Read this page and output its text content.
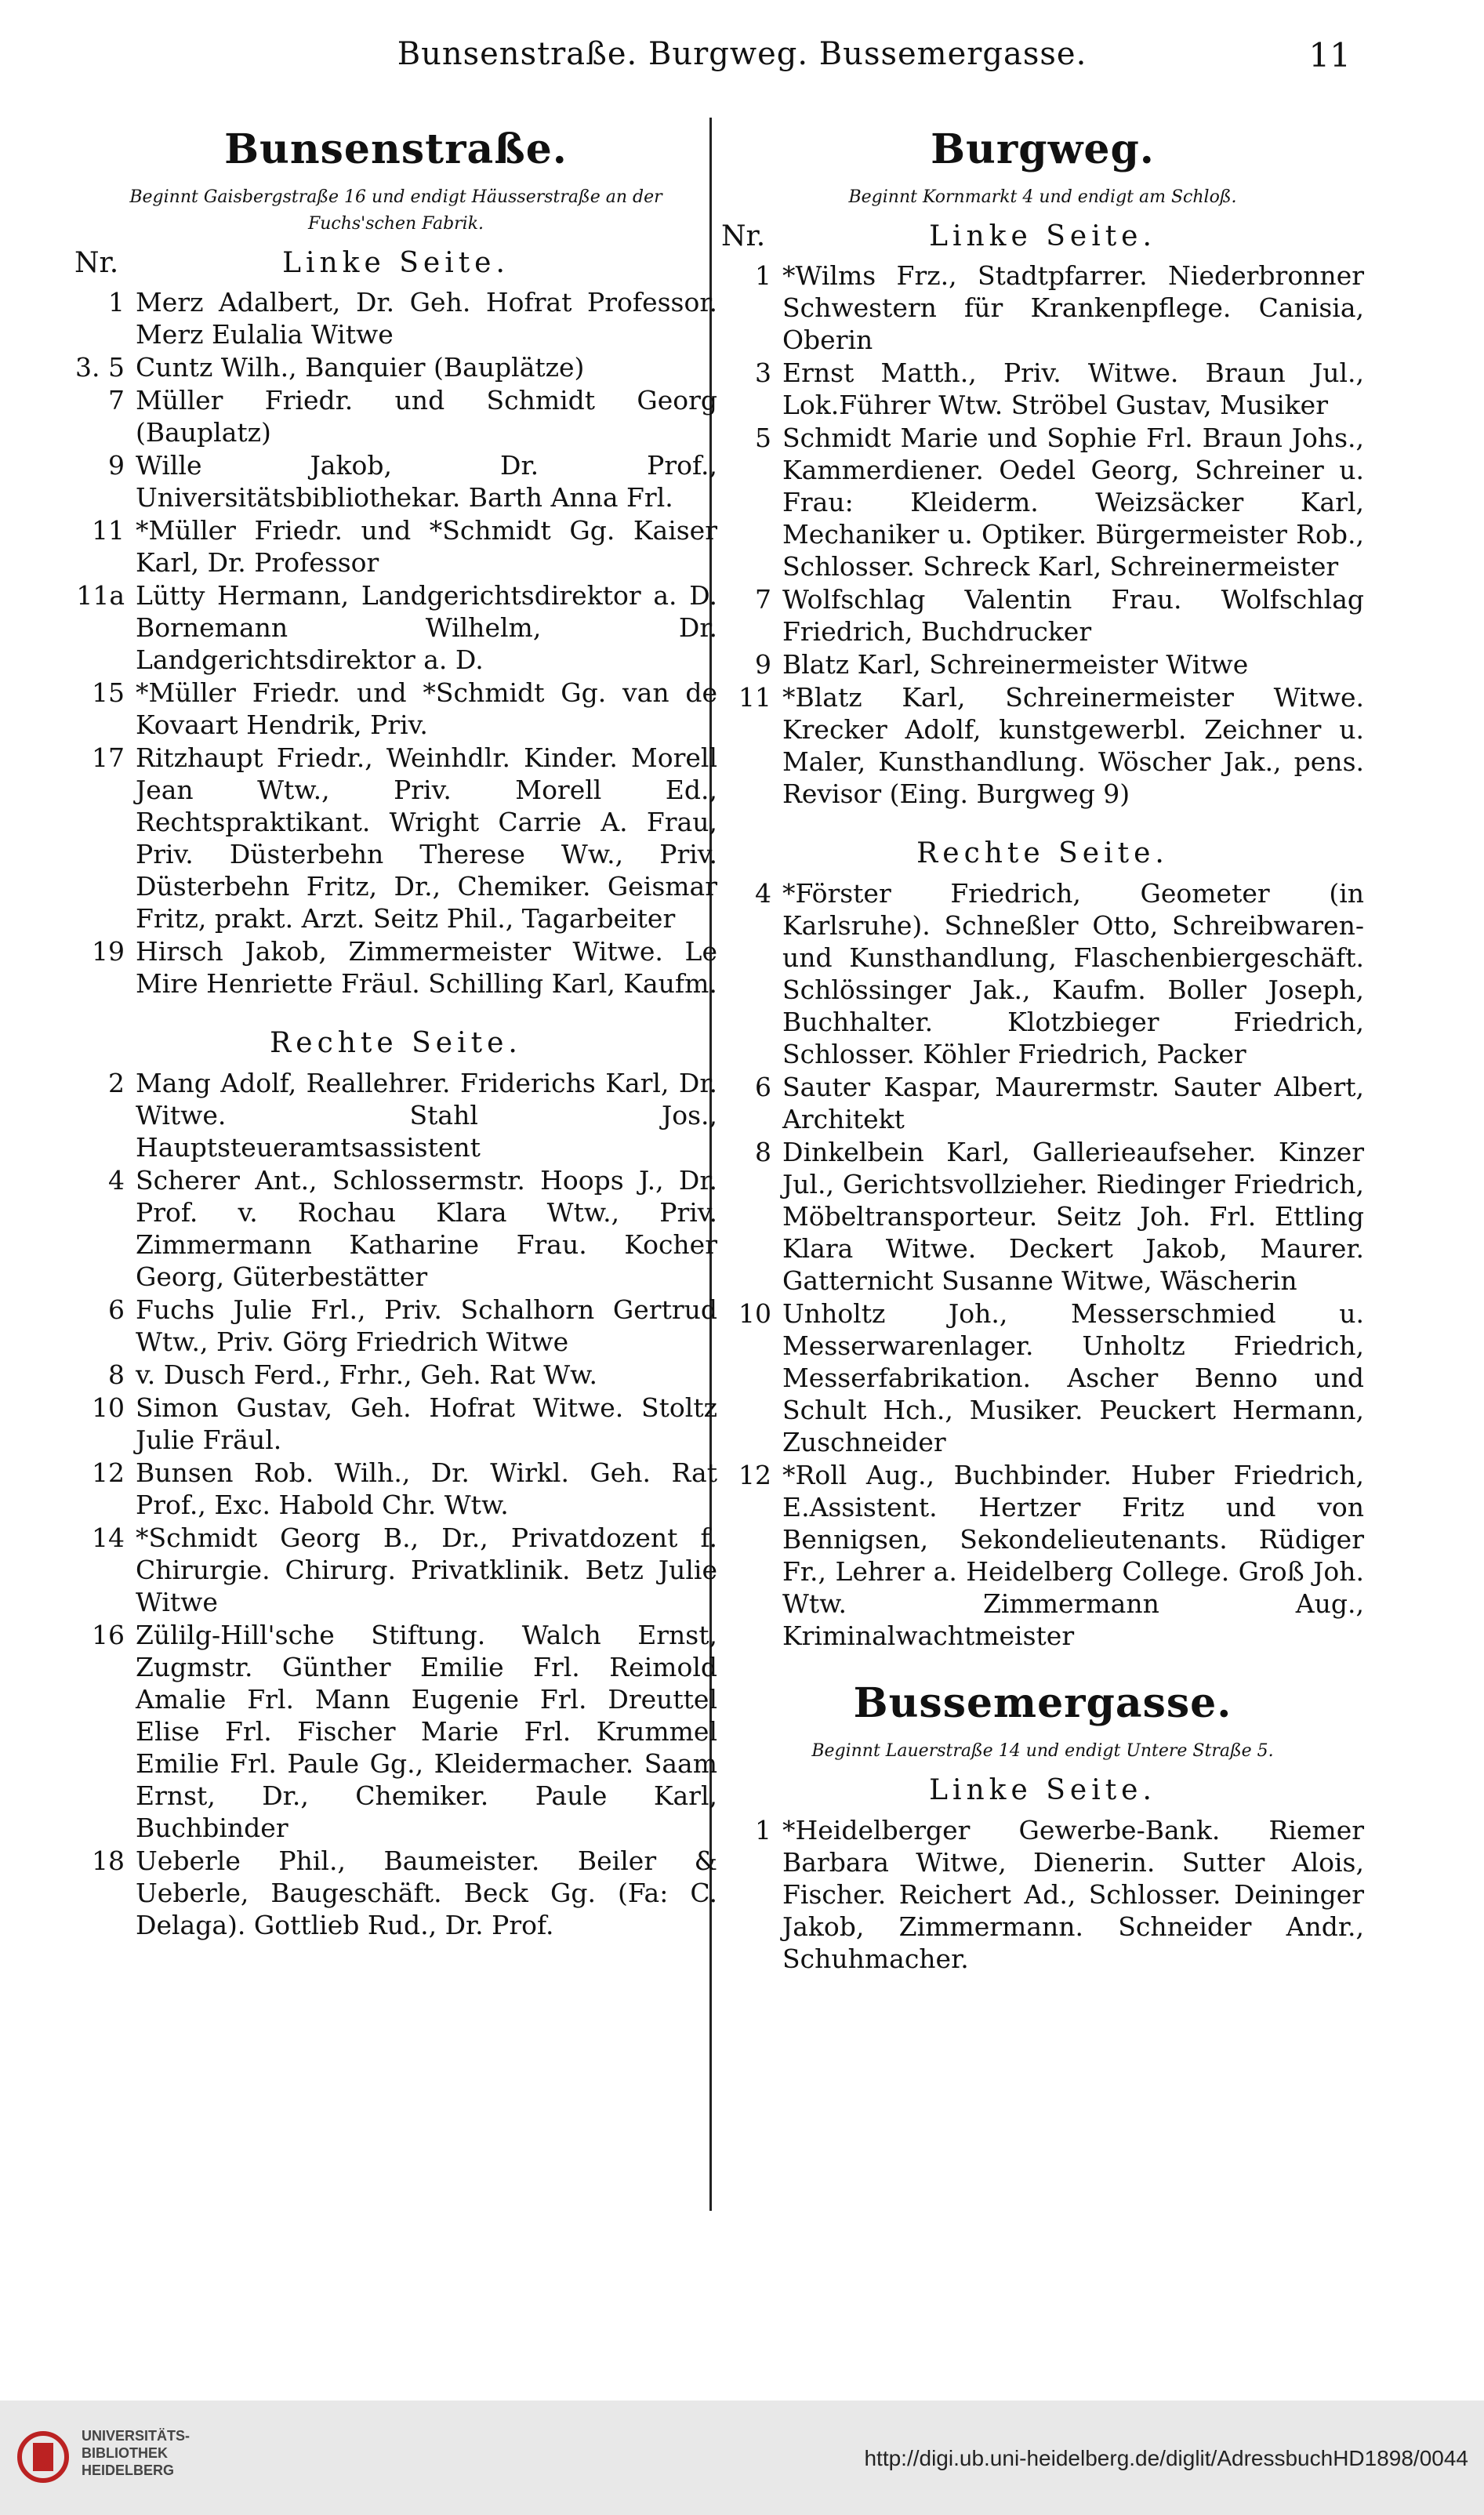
Bunsenstraße. Burgweg. Bussemergasse.	11
Bunsenstraße.
Beginnt Gaisbergstraße 16 und endigt Häusserstraße an der Fuchs'schen Fabrik.
Linke Seite.
Nr.
1 Merz Adalbert, Dr. Geh. Hofrat Professor. Merz Eulalia Witwe
3. 5 Cuntz Wilh., Banquier (Bauplätze)
7 Müller Friedr. und Schmidt Georg (Bauplatz)
9 Wille Jakob, Dr. Prof., Universitätsbibliothekar. Barth Anna Frl.
11 *Müller Friedr. und *Schmidt Gg. Kaiser Karl, Dr. Professor
11a Lütty Hermann, Landgerichtsdirektor a. D. Bornemann Wilhelm, Dr. Landgerichtsdirektor a. D.
15 *Müller Friedr. und *Schmidt Gg. van de Kovaart Hendrik, Priv.
17 Ritzhaupt Friedr., Weinhdlr. Kinder. Morell Jean Wtw., Priv. Morell Ed., Rechtspraktikant. Wright Carrie A. Frau, Priv. Düsterbehn Therese Ww., Priv. Düsterbehn Fritz, Dr., Chemiker. Geismar Fritz, prakt. Arzt. Seitz Phil., Tagarbeiter
19 Hirsch Jakob, Zimmermeister Witwe. Le Mire Henriette Fräul. Schilling Karl, Kaufm.
Rechte Seite.
2 Mang Adolf, Reallehrer. Friderichs Karl, Dr. Witwe. Stahl Jos., Hauptsteueramtsassistent
4 Scherer Ant., Schlossermstr. Hoops J., Dr. Prof. v. Rochau Klara Wtw., Priv. Zimmermann Katharine Frau. Kocher Georg, Güterbestätter
6 Fuchs Julie Frl., Priv. Schalhorn Gertrud Wtw., Priv. Görg Friedrich Witwe
8 v. Dusch Ferd., Frhr., Geh. Rat Ww.
10 Simon Gustav, Geh. Hofrat Witwe. Stoltz Julie Fräul.
12 Bunsen Rob. Wilh., Dr. Wirkl. Geh. Rat Prof., Exc. Habold Chr. Wtw.
14 *Schmidt Georg B., Dr., Privatdozent f. Chirurgie. Chirurg. Privatklinik. Betz Julie Witwe
16 Zülilg-Hill'sche Stiftung. Walch Ernst, Zugmstr. Günther Emilie Frl. Reimold Amalie Frl. Mann Eugenie Frl. Dreuttel Elise Frl. Fischer Marie Frl. Krummel Emilie Frl. Paule Gg., Kleidermacher. Saam Ernst, Dr., Chemiker. Paule Karl, Buchbinder
18 Ueberle Phil., Baumeister. Beiler & Ueberle, Baugeschäft. Beck Gg. (Fa: C. Delaga). Gottlieb Rud., Dr. Prof.
Burgweg.
Beginnt Kornmarkt 4 und endigt am Schloß.
Linke Seite.
Nr.
1 *Wilms Frz., Stadtpfarrer. Niederbronner Schwestern für Krankenpflege. Canisia, Oberin
3 Ernst Matth., Priv. Witwe. Braun Jul., Lok.Führer Wtw. Ströbel Gustav, Musiker
5 Schmidt Marie und Sophie Frl. Braun Johs., Kammerdiener. Oedel Georg, Schreiner u. Frau: Kleiderm. Weizsäcker Karl, Mechaniker u. Optiker. Bürgermeister Rob., Schlosser. Schreck Karl, Schreinermeister
7 Wolfschlag Valentin Frau. Wolfschlag Friedrich, Buchdrucker
9 Blatz Karl, Schreinermeister Witwe
11 *Blatz Karl, Schreinermeister Witwe. Krecker Adolf, kunstgewerbl. Zeichner u. Maler, Kunsthandlung. Wöscher Jak., pens. Revisor (Eing. Burgweg 9)
Rechte Seite.
4 *Förster Friedrich, Geometer (in Karlsruhe). Schneßler Otto, Schreibwaren- und Kunsthandlung, Flaschenbiergeschäft. Schlössinger Jak., Kaufm. Boller Joseph, Buchhalter. Klotzbieger Friedrich, Schlosser. Köhler Friedrich, Packer
6 Sauter Kaspar, Maurermstr. Sauter Albert, Architekt
8 Dinkelbein Karl, Gallerieaufseher. Kinzer Jul., Gerichtsvollzieher. Riedinger Friedrich, Möbeltransporteur. Seitz Joh. Frl. Ettling Klara Witwe. Deckert Jakob, Maurer. Gatternicht Susanne Witwe, Wäscherin
10 Unholtz Joh., Messerschmied u. Messerwarenlager. Unholtz Friedrich, Messerfabrikation. Ascher Benno und Schult Hch., Musiker. Peuckert Hermann, Zuschneider
12 *Roll Aug., Buchbinder. Huber Friedrich, E.Assistent. Hertzer Fritz und von Bennigsen, Sekondelieutenants. Rüdiger Fr., Lehrer a. Heidelberg College. Groß Joh. Wtw. Zimmermann Aug., Kriminalwachtmeister
Bussemergasse.
Beginnt Lauerstraße 14 und endigt Untere Straße 5.
Linke Seite.
1 *Heidelberger Gewerbe-Bank. Riemer Barbara Witwe, Dienerin. Sutter Alois, Fischer. Reichert Ad., Schlosser. Deininger Jakob, Zimmermann. Schneider Andr., Schuhmacher.
UNIVERSITÄTS-
BIBLIOTHEK
HEIDELBERG	http://digi.ub.uni-heidelberg.de/diglit/AdressbuchHD1898/0044
